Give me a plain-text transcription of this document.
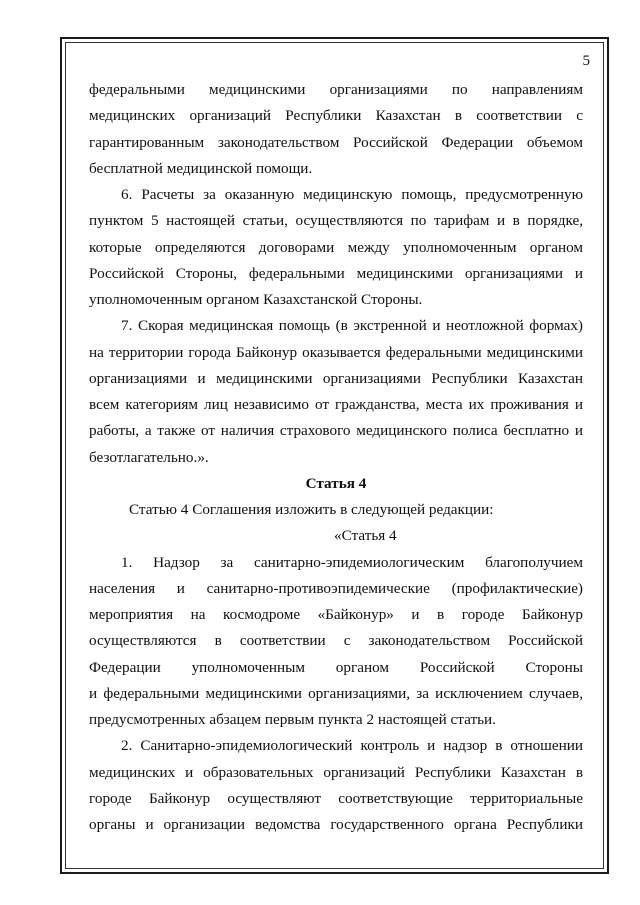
5
федеральными медицинскими организациями по направлениям
медицинских организаций Республики Казахстан в соответствии с
гарантированным законодательством Российской Федерации объемом
бесплатной медицинской помощи.
6. Расчеты за оказанную медицинскую помощь, предусмотренную
пунктом 5 настоящей статьи, осуществляются по тарифам и в порядке,
которые определяются договорами между уполномоченным органом
Российской Стороны, федеральными медицинскими организациями и
уполномоченным органом Казахстанской Стороны.
7. Скорая медицинская помощь (в экстренной и неотложной формах)
на территории города Байконур оказывается федеральными медицинскими
организациями и медицинскими организациями Республики Казахстан
всем категориям лиц независимо от гражданства, места их проживания и
работы, а также от наличия страхового медицинского полиса бесплатно и
безотлагательно.».
Статья 4
Статью 4 Соглашения изложить в следующей редакции:
«Статья 4
1. Надзор за санитарно-эпидемиологическим благополучием
населения и санитарно-противоэпидемические (профилактические)
мероприятия на космодроме «Байконур» и в городе Байконур
осуществляются в соответствии с законодательством Российской
Федерации уполномоченным органом Российской Стороны
и федеральными медицинскими организациями, за исключением случаев,
предусмотренных абзацем первым пункта 2 настоящей статьи.
2. Санитарно-эпидемиологический контроль и надзор в отношении
медицинских и образовательных организаций Республики Казахстан в
городе Байконур осуществляют соответствующие территориальные
органы и организации ведомства государственного органа Республики
